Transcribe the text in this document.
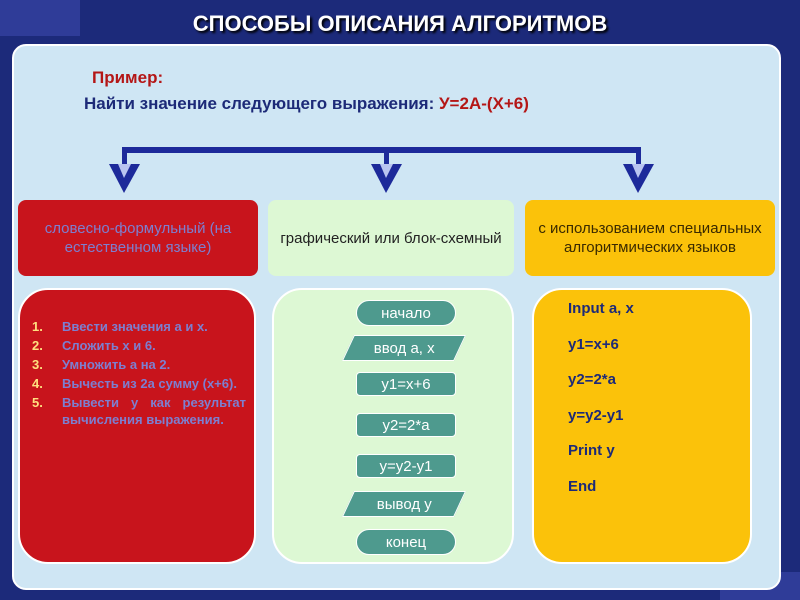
СПОСОБЫ ОПИСАНИЯ АЛГОРИТМОВ
Пример:
Найти значение следующего выражения: У=2А-(Х+6)
словесно-формульный (на естественном языке)
графический или блок-схемный
с использованием специальных алгоритмических языков
1.	Ввести значения а и х.
2.	Сложить х и 6.
3.	Умножить а на 2.
4.	Вычесть из 2а сумму (х+6).
5.	Вывести у как результат вычисления выражения.
начало
ввод а, х
y1=x+6
y2=2*a
y=y2-y1
вывод у
конец
Input a, x
y1=x+6
y2=2*a
y=y2-y1
Print y
End
